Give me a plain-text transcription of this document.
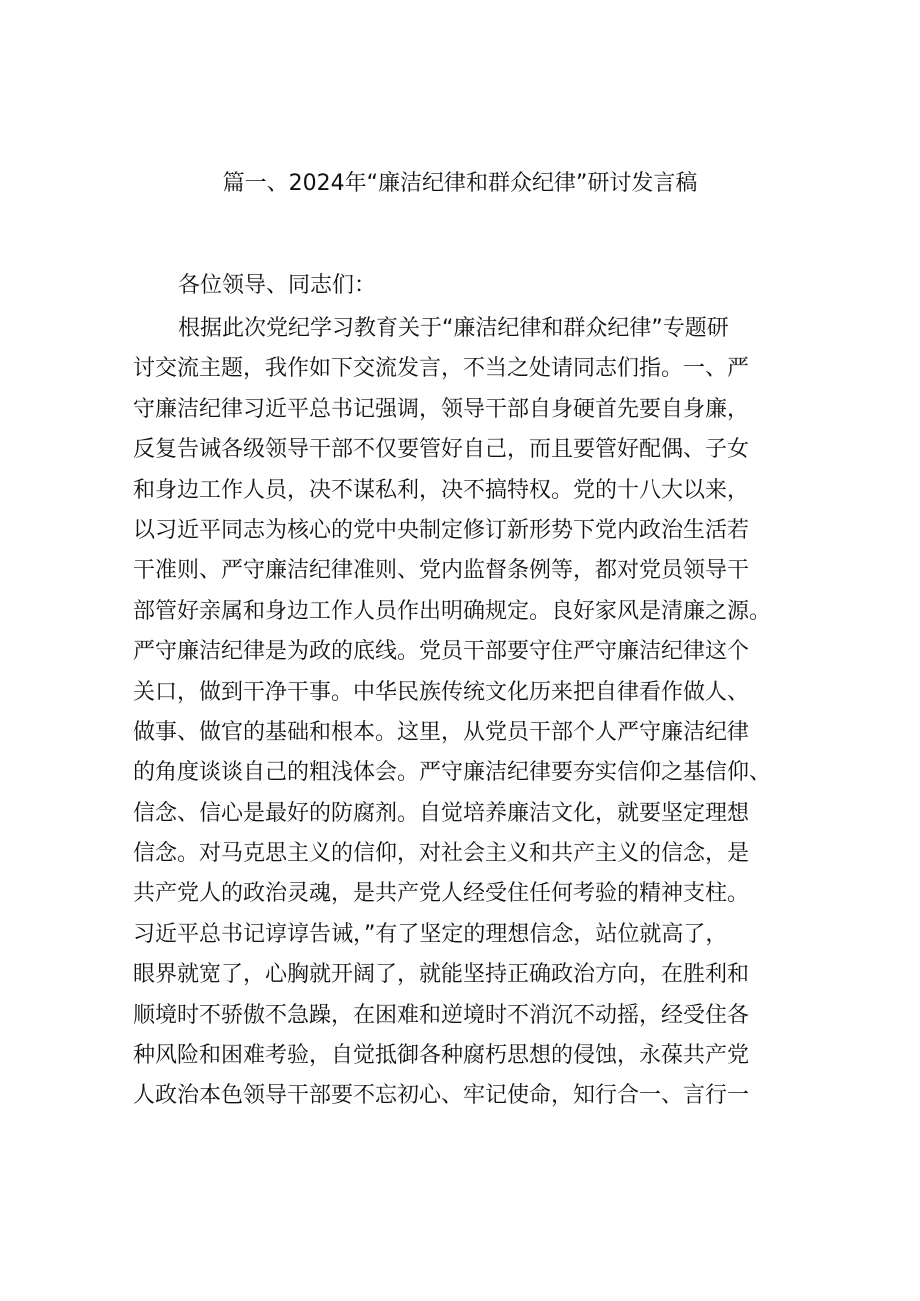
篇一、2024年“廉洁纪律和群众纪律”研讨发言稿
各位领导、同志们：
根据此次党纪学习教育关于“廉洁纪律和群众纪律”专题研
讨交流主题，我作如下交流发言，不当之处请同志们指。一、严
守廉洁纪律习近平总书记强调，领导干部自身硬首先要自身廉，
反复告诫各级领导干部不仅要管好自己，而且要管好配偶、子女
和身边工作人员，决不谋私利，决不搞特权。党的十八大以来，
以习近平同志为核心的党中央制定修订新形势下党内政治生活若
干准则、严守廉洁纪律准则、党内监督条例等，都对党员领导干
部管好亲属和身边工作人员作出明确规定。良好家风是清廉之源。
严守廉洁纪律是为政的底线。党员干部要守住严守廉洁纪律这个
关口，做到干净干事。中华民族传统文化历来把自律看作做人、
做事、做官的基础和根本。这里，从党员干部个人严守廉洁纪律
的角度谈谈自己的粗浅体会。严守廉洁纪律要夯实信仰之基信仰、
信念、信心是最好的防腐剂。自觉培养廉洁文化，就要坚定理想
信念。对马克思主义的信仰，对社会主义和共产主义的信念，是
共产党人的政治灵魂，是共产党人经受住任何考验的精神支柱。
习近平总书记谆谆告诫，”有了坚定的理想信念，站位就高了，
眼界就宽了，心胸就开阔了，就能坚持正确政治方向，在胜利和
顺境时不骄傲不急躁，在困难和逆境时不消沉不动摇，经受住各
种风险和困难考验，自觉抵御各种腐朽思想的侵蚀，永葆共产党
人政治本色领导干部要不忘初心、牢记使命，知行合一、言行一
